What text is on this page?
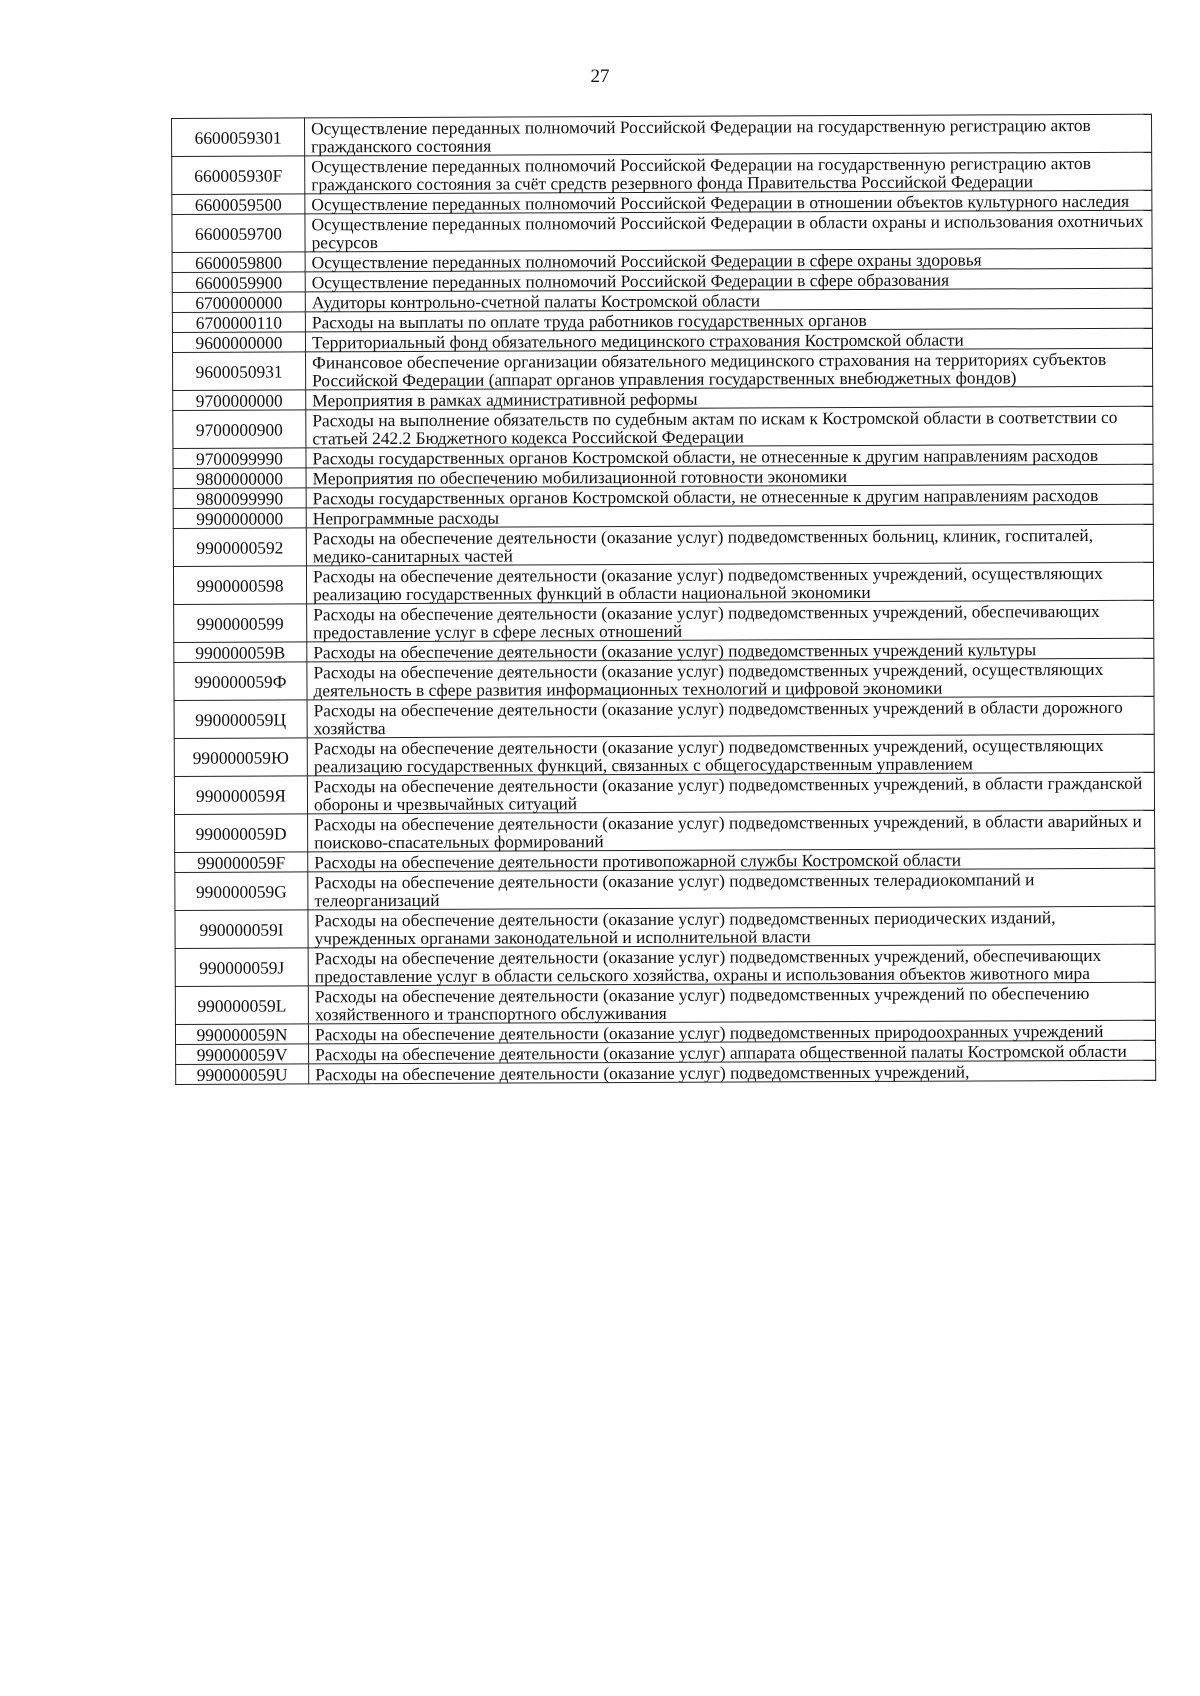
27
6600059301	Осуществление переданных полномочий Российской Федерации на государственную регистрацию актов гражданского состояния
660005930F	Осуществление переданных полномочий Российской Федерации на государственную регистрацию актов гражданского состояния за счёт средств резервного фонда Правительства Российской Федерации
6600059500	Осуществление переданных полномочий Российской Федерации в отношении объектов культурного наследия
6600059700	Осуществление переданных полномочий Российской Федерации в области охраны и использования охотничьих ресурсов
6600059800	Осуществление переданных полномочий Российской Федерации в сфере охраны здоровья
6600059900	Осуществление переданных полномочий Российской Федерации в сфере образования
6700000000	Аудиторы контрольно-счетной палаты Костромской области
6700000110	Расходы на выплаты по оплате труда работников государственных органов
9600000000	Территориальный фонд обязательного медицинского страхования Костромской области
9600050931	Финансовое обеспечение организации обязательного медицинского страхования на территориях субъектов Российской Федерации (аппарат органов управления государственных внебюджетных фондов)
9700000000	Мероприятия в рамках административной реформы
9700000900	Расходы на выполнение обязательств по судебным актам по искам к Костромской области в соответствии со статьей 242.2 Бюджетного кодекса Российской Федерации
9700099990	Расходы государственных органов Костромской области, не отнесенные к другим направлениям расходов
9800000000	Мероприятия по обеспечению мобилизационной готовности экономики
9800099990	Расходы государственных органов Костромской области, не отнесенные к другим направлениям расходов
9900000000	Непрограммные расходы
9900000592	Расходы на обеспечение деятельности (оказание услуг) подведомственных больниц, клиник, госпиталей, медико-санитарных частей
9900000598	Расходы на обеспечение деятельности (оказание услуг) подведомственных учреждений, осуществляющих реализацию государственных функций в области национальной экономики
9900000599	Расходы на обеспечение деятельности (оказание услуг) подведомственных учреждений, обеспечивающих предоставление услуг в сфере лесных отношений
990000059В	Расходы на обеспечение деятельности (оказание услуг) подведомственных учреждений культуры
990000059Ф	Расходы на обеспечение деятельности (оказание услуг) подведомственных учреждений, осуществляющих деятельность в сфере развития информационных технологий и цифровой экономики
990000059Ц	Расходы на обеспечение деятельности (оказание услуг) подведомственных учреждений в области дорожного хозяйства
990000059Ю	Расходы на обеспечение деятельности (оказание услуг) подведомственных учреждений, осуществляющих реализацию государственных функций, связанных с общегосударственным управлением
990000059Я	Расходы на обеспечение деятельности (оказание услуг) подведомственных учреждений, в области гражданской обороны и чрезвычайных ситуаций
990000059D	Расходы на обеспечение деятельности (оказание услуг) подведомственных учреждений, в области аварийных и поисково-спасательных формирований
990000059F	Расходы на обеспечение деятельности противопожарной службы Костромской области
990000059G	Расходы на обеспечение деятельности (оказание услуг) подведомственных телерадиокомпаний и телеорганизаций
990000059I	Расходы на обеспечение деятельности (оказание услуг) подведомственных периодических изданий, учрежденных органами законодательной и исполнительной власти
990000059J	Расходы на обеспечение деятельности (оказание услуг) подведомственных учреждений, обеспечивающих предоставление услуг в области сельского хозяйства, охраны и использования объектов животного мира
990000059L	Расходы на обеспечение деятельности (оказание услуг) подведомственных учреждений по обеспечению хозяйственного и транспортного обслуживания
990000059N	Расходы на обеспечение деятельности (оказание услуг) подведомственных природоохранных учреждений
990000059V	Расходы на обеспечение деятельности (оказание услуг) аппарата общественной палаты Костромской области
990000059U	Расходы на обеспечение деятельности (оказание услуг) подведомственных учреждений,
